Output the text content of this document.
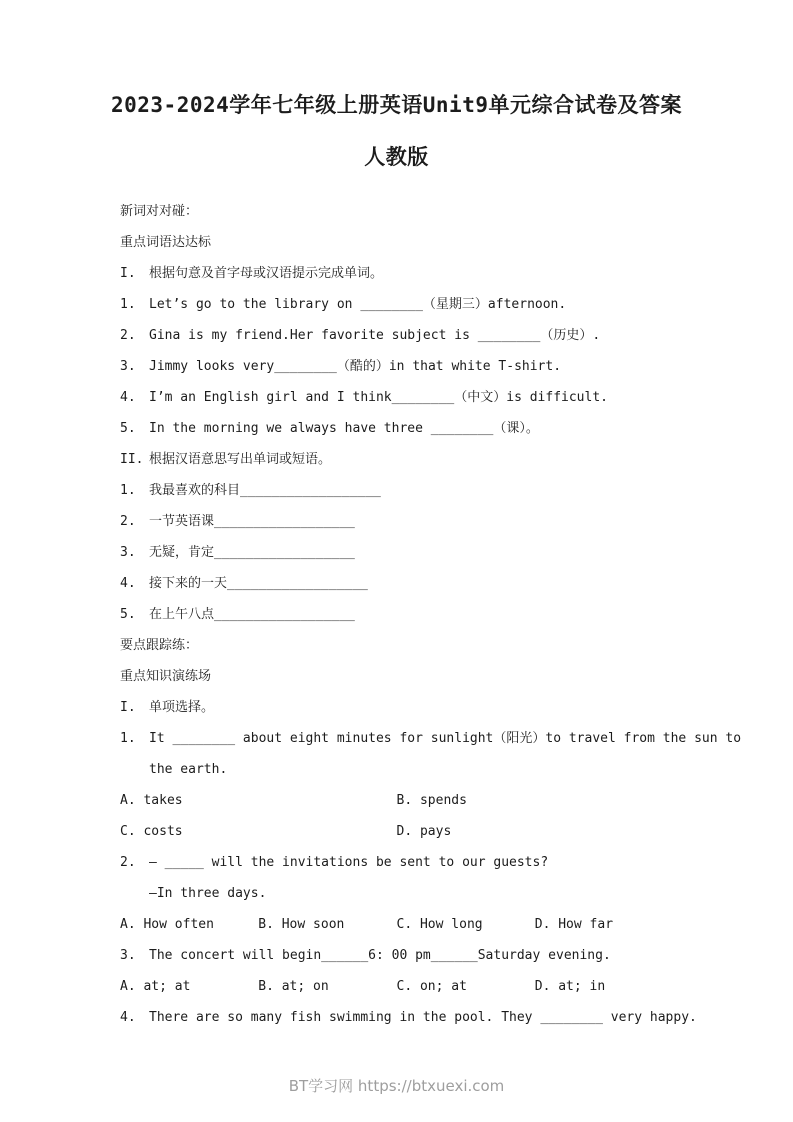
2023-2024学年七年级上册英语Unit9单元综合试卷及答案
人教版
新词对对碰：
重点词语达达标
I.	根据句意及首字母或汉语提示完成单词。
1.	Let’s go to the library on ________（星期三）afternoon.
2.	Gina is my friend.Her favorite subject is ________（历史）.
3.	Jimmy looks very________（酷的）in that white T-shirt.
4.	I’m an English girl and I think________（中文）is difficult.
5.	In the morning we always have three ________（课）。
II. 根据汉语意思写出单词或短语。
1.	我最喜欢的科目__________________
2.	一节英语课__________________
3.	无疑，肯定__________________
4.	接下来的一天__________________
5.	在上午八点__________________
要点跟踪练：
重点知识演练场
I.	单项选择。
1.	It ________ about eight minutes for sunlight（阳光）to travel from the sun to
the earth.
A. takes	B. spends
C. costs	D. pays
2.	— _____ will the invitations be sent to our guests?
—In three days.
A. How often	B. How soon	C. How long	D. How far
3.	The concert will begin______6: 00 pm______Saturday evening.
A. at; at	B. at; on	C. on; at	D. at; in
4.	There are so many fish swimming in the pool. They ________ very happy.
BT学习网 https://btxuexi.com
